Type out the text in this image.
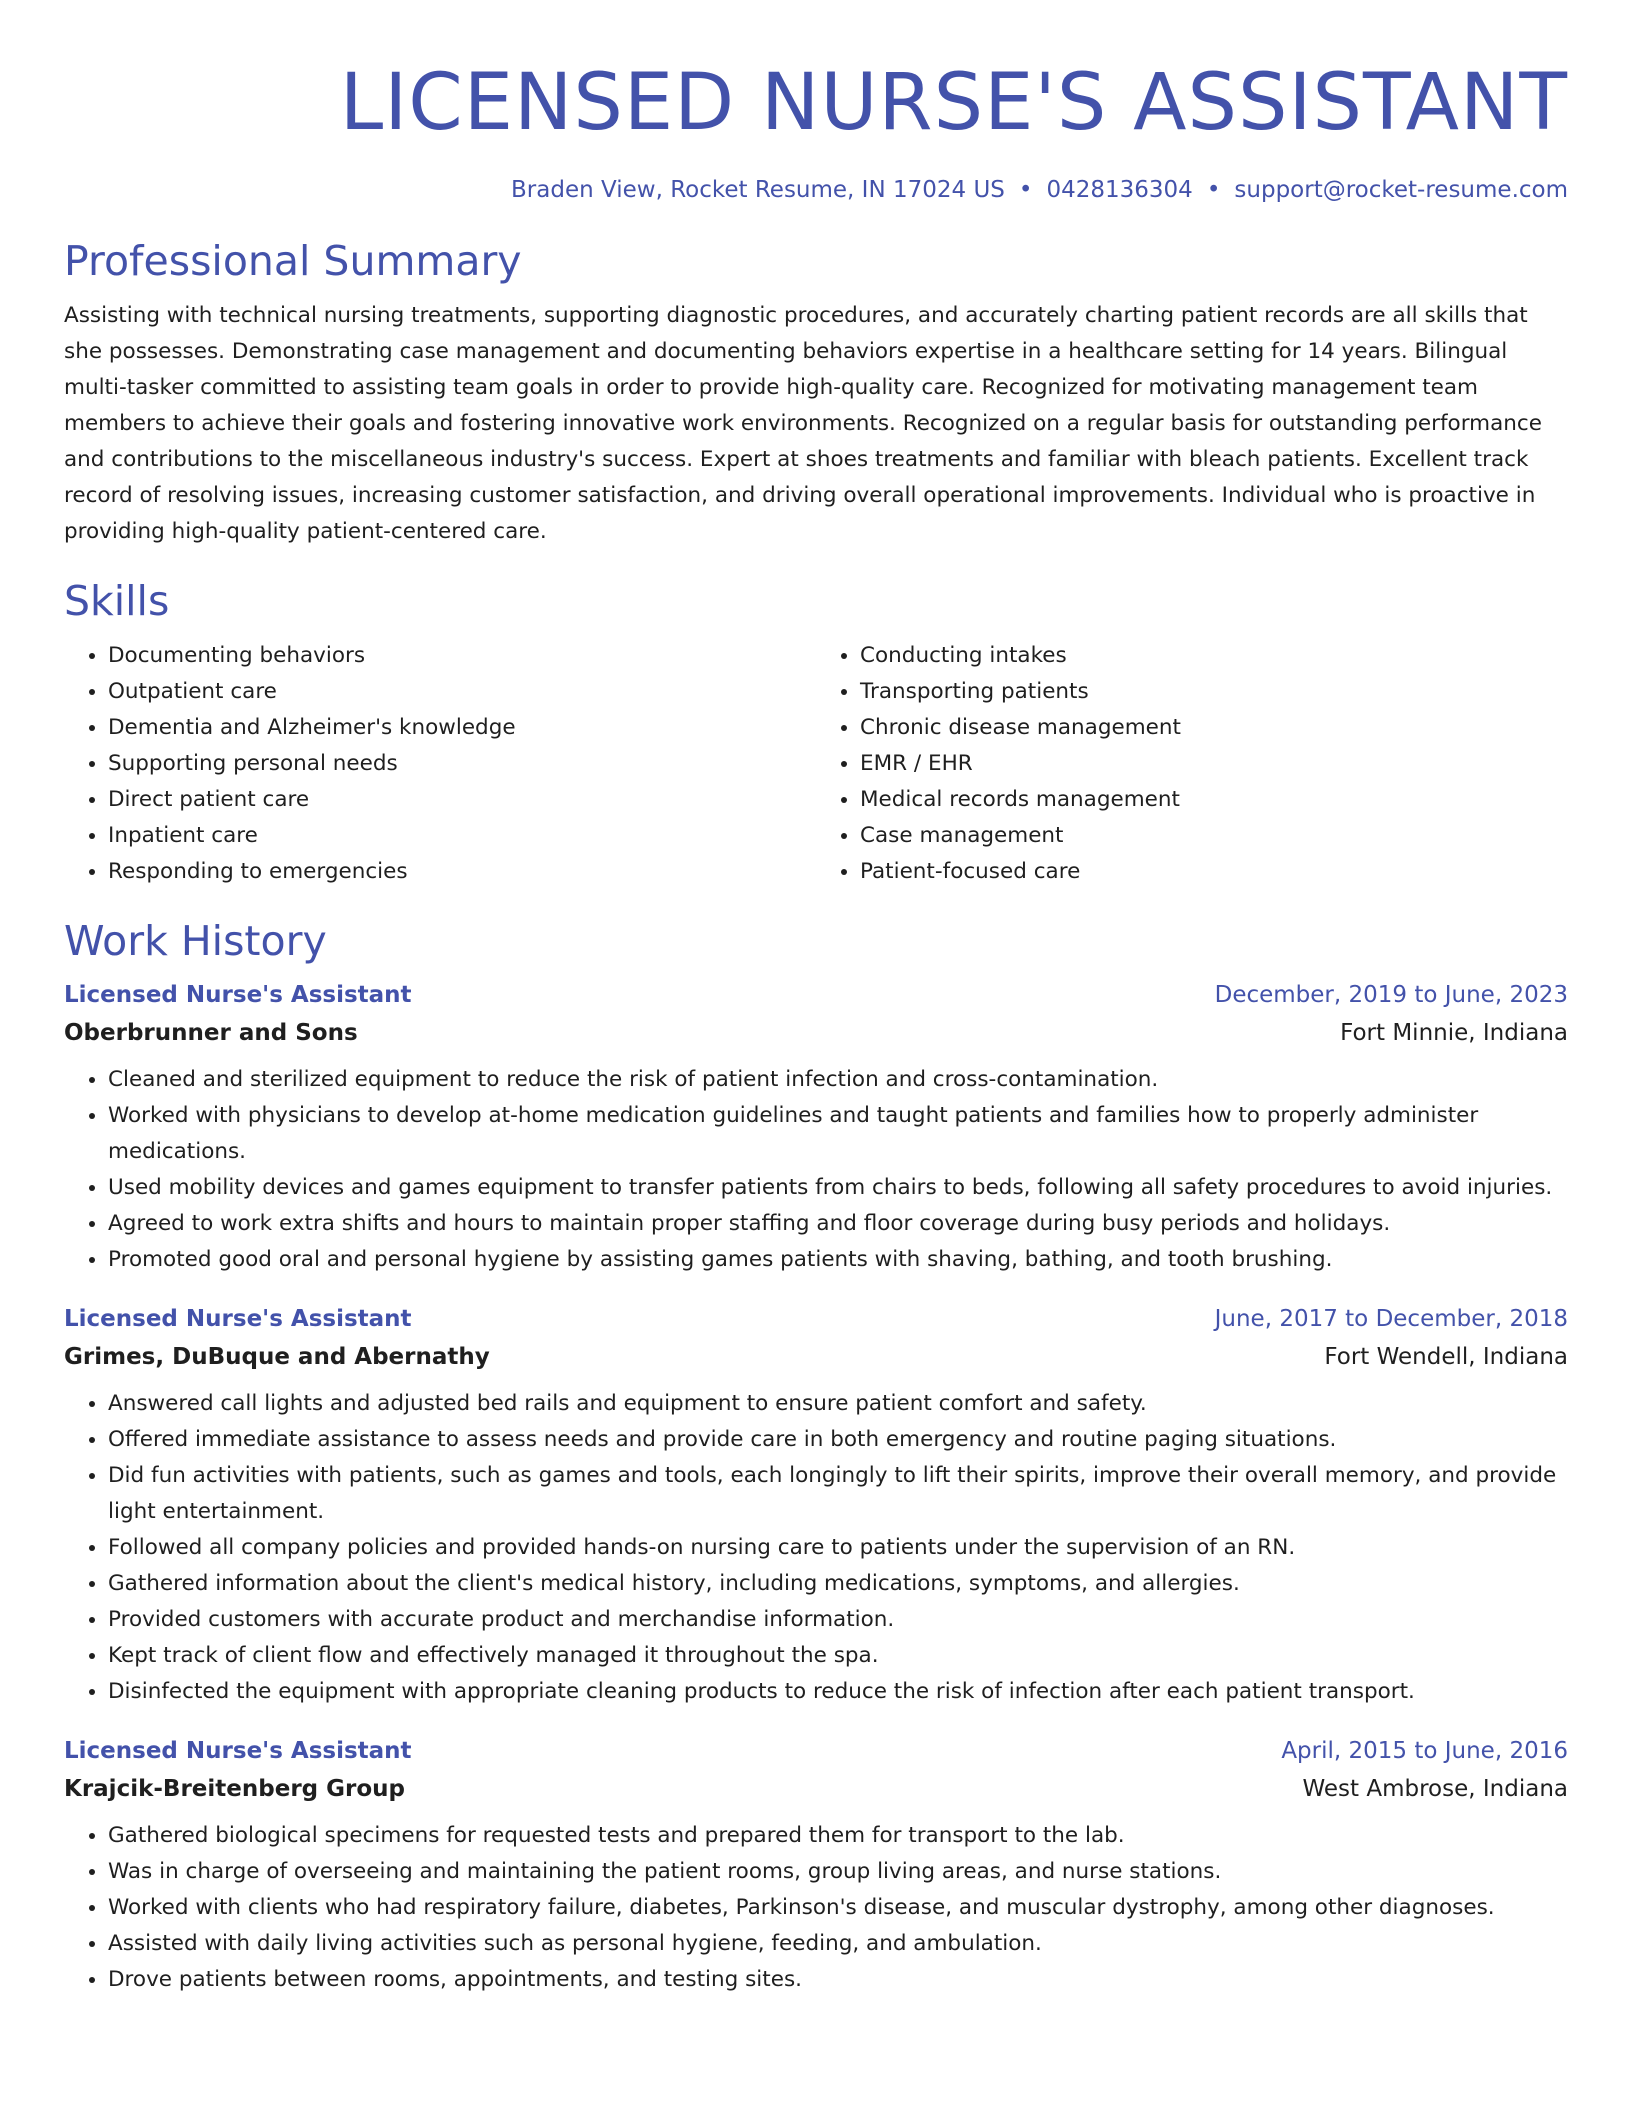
LICENSED NURSE'S ASSISTANT
Braden View, Rocket Resume, IN 17024 US • 0428136304 • support@rocket-resume.com
Professional Summary
Assisting with technical nursing treatments, supporting diagnostic procedures, and accurately charting patient records are all skills that she possesses. Demonstrating case management and documenting behaviors expertise in a healthcare setting for 14 years. Bilingual multi-tasker committed to assisting team goals in order to provide high-quality care. Recognized for motivating management team members to achieve their goals and fostering innovative work environments. Recognized on a regular basis for outstanding performance and contributions to the miscellaneous industry's success. Expert at shoes treatments and familiar with bleach patients. Excellent track record of resolving issues, increasing customer satisfaction, and driving overall operational improvements. Individual who is proactive in providing high-quality patient-centered care.
Skills
• Documenting behaviors
• Outpatient care
• Dementia and Alzheimer's knowledge
• Supporting personal needs
• Direct patient care
• Inpatient care
• Responding to emergencies
• Conducting intakes
• Transporting patients
• Chronic disease management
• EMR / EHR
• Medical records management
• Case management
• Patient-focused care
Work History
Licensed Nurse's Assistant	December, 2019 to June, 2023
Oberbrunner and Sons	Fort Minnie, Indiana
• Cleaned and sterilized equipment to reduce the risk of patient infection and cross-contamination.
• Worked with physicians to develop at-home medication guidelines and taught patients and families how to properly administer medications.
• Used mobility devices and games equipment to transfer patients from chairs to beds, following all safety procedures to avoid injuries.
• Agreed to work extra shifts and hours to maintain proper staffing and floor coverage during busy periods and holidays.
• Promoted good oral and personal hygiene by assisting games patients with shaving, bathing, and tooth brushing.
Licensed Nurse's Assistant	June, 2017 to December, 2018
Grimes, DuBuque and Abernathy	Fort Wendell, Indiana
• Answered call lights and adjusted bed rails and equipment to ensure patient comfort and safety.
• Offered immediate assistance to assess needs and provide care in both emergency and routine paging situations.
• Did fun activities with patients, such as games and tools, each longingly to lift their spirits, improve their overall memory, and provide light entertainment.
• Followed all company policies and provided hands-on nursing care to patients under the supervision of an RN.
• Gathered information about the client's medical history, including medications, symptoms, and allergies.
• Provided customers with accurate product and merchandise information.
• Kept track of client flow and effectively managed it throughout the spa.
• Disinfected the equipment with appropriate cleaning products to reduce the risk of infection after each patient transport.
Licensed Nurse's Assistant	April, 2015 to June, 2016
Krajcik-Breitenberg Group	West Ambrose, Indiana
• Gathered biological specimens for requested tests and prepared them for transport to the lab.
• Was in charge of overseeing and maintaining the patient rooms, group living areas, and nurse stations.
• Worked with clients who had respiratory failure, diabetes, Parkinson's disease, and muscular dystrophy, among other diagnoses.
• Assisted with daily living activities such as personal hygiene, feeding, and ambulation.
• Drove patients between rooms, appointments, and testing sites.
